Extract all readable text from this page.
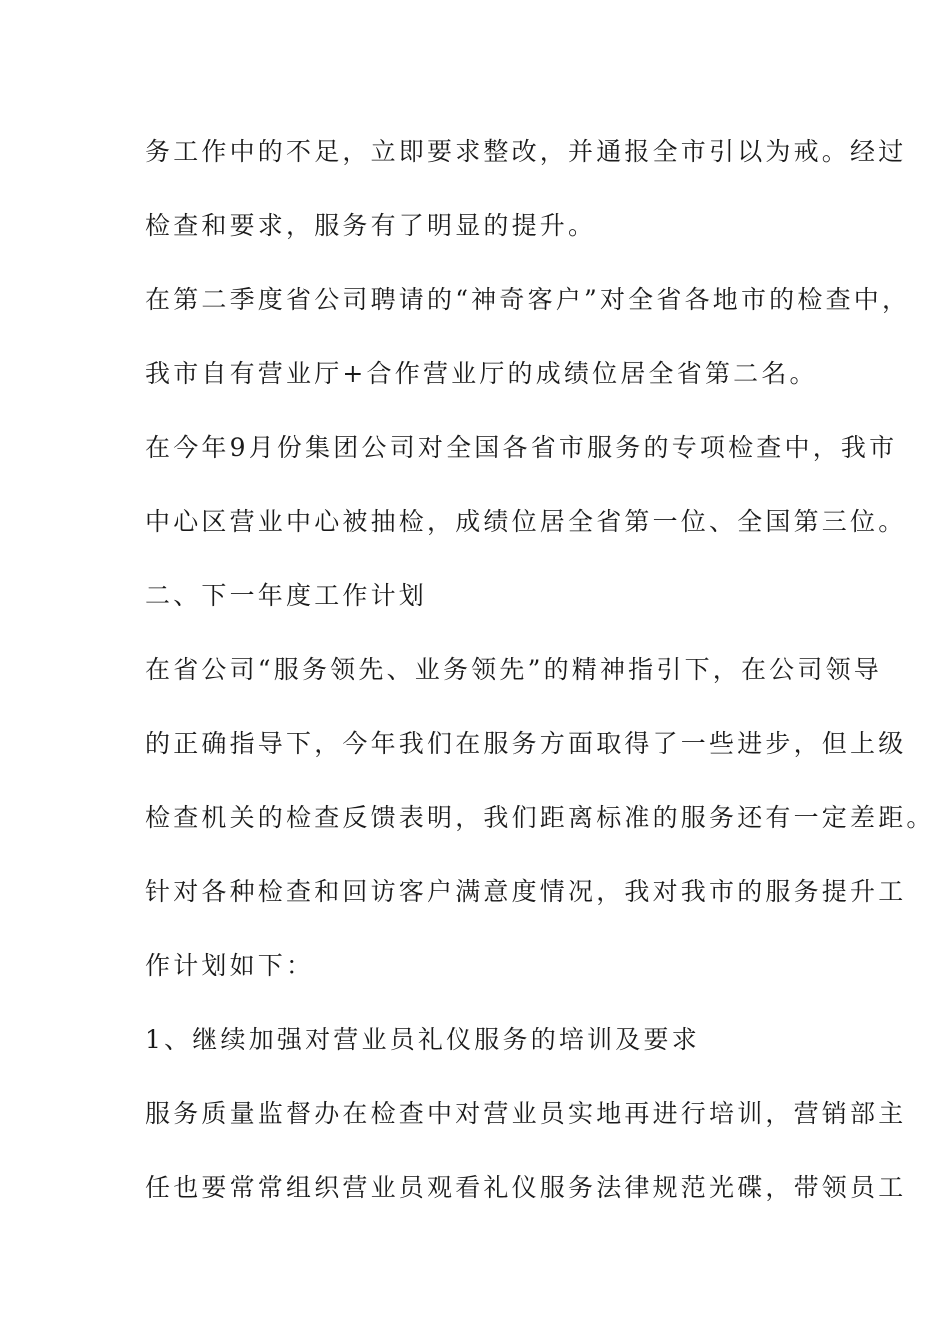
务工作中的不足，立即要求整改，并通报全市引以为戒。经过
检查和要求，服务有了明显的提升。
在第二季度省公司聘请的“神奇客户”对全省各地市的检查中，
我市自有营业厅+合作营业厅的成绩位居全省第二名。
在今年9月份集团公司对全国各省市服务的专项检查中，我市
中心区营业中心被抽检，成绩位居全省第一位、全国第三位。
二、下一年度工作计划
在省公司“服务领先、业务领先”的精神指引下，在公司领导
的正确指导下，今年我们在服务方面取得了一些进步，但上级
检查机关的检查反馈表明，我们距离标准的服务还有一定差距。
针对各种检查和回访客户满意度情况，我对我市的服务提升工
作计划如下：
1、继续加强对营业员礼仪服务的培训及要求
服务质量监督办在检查中对营业员实地再进行培训，营销部主
任也要常常组织营业员观看礼仪服务法律规范光碟，带领员工
